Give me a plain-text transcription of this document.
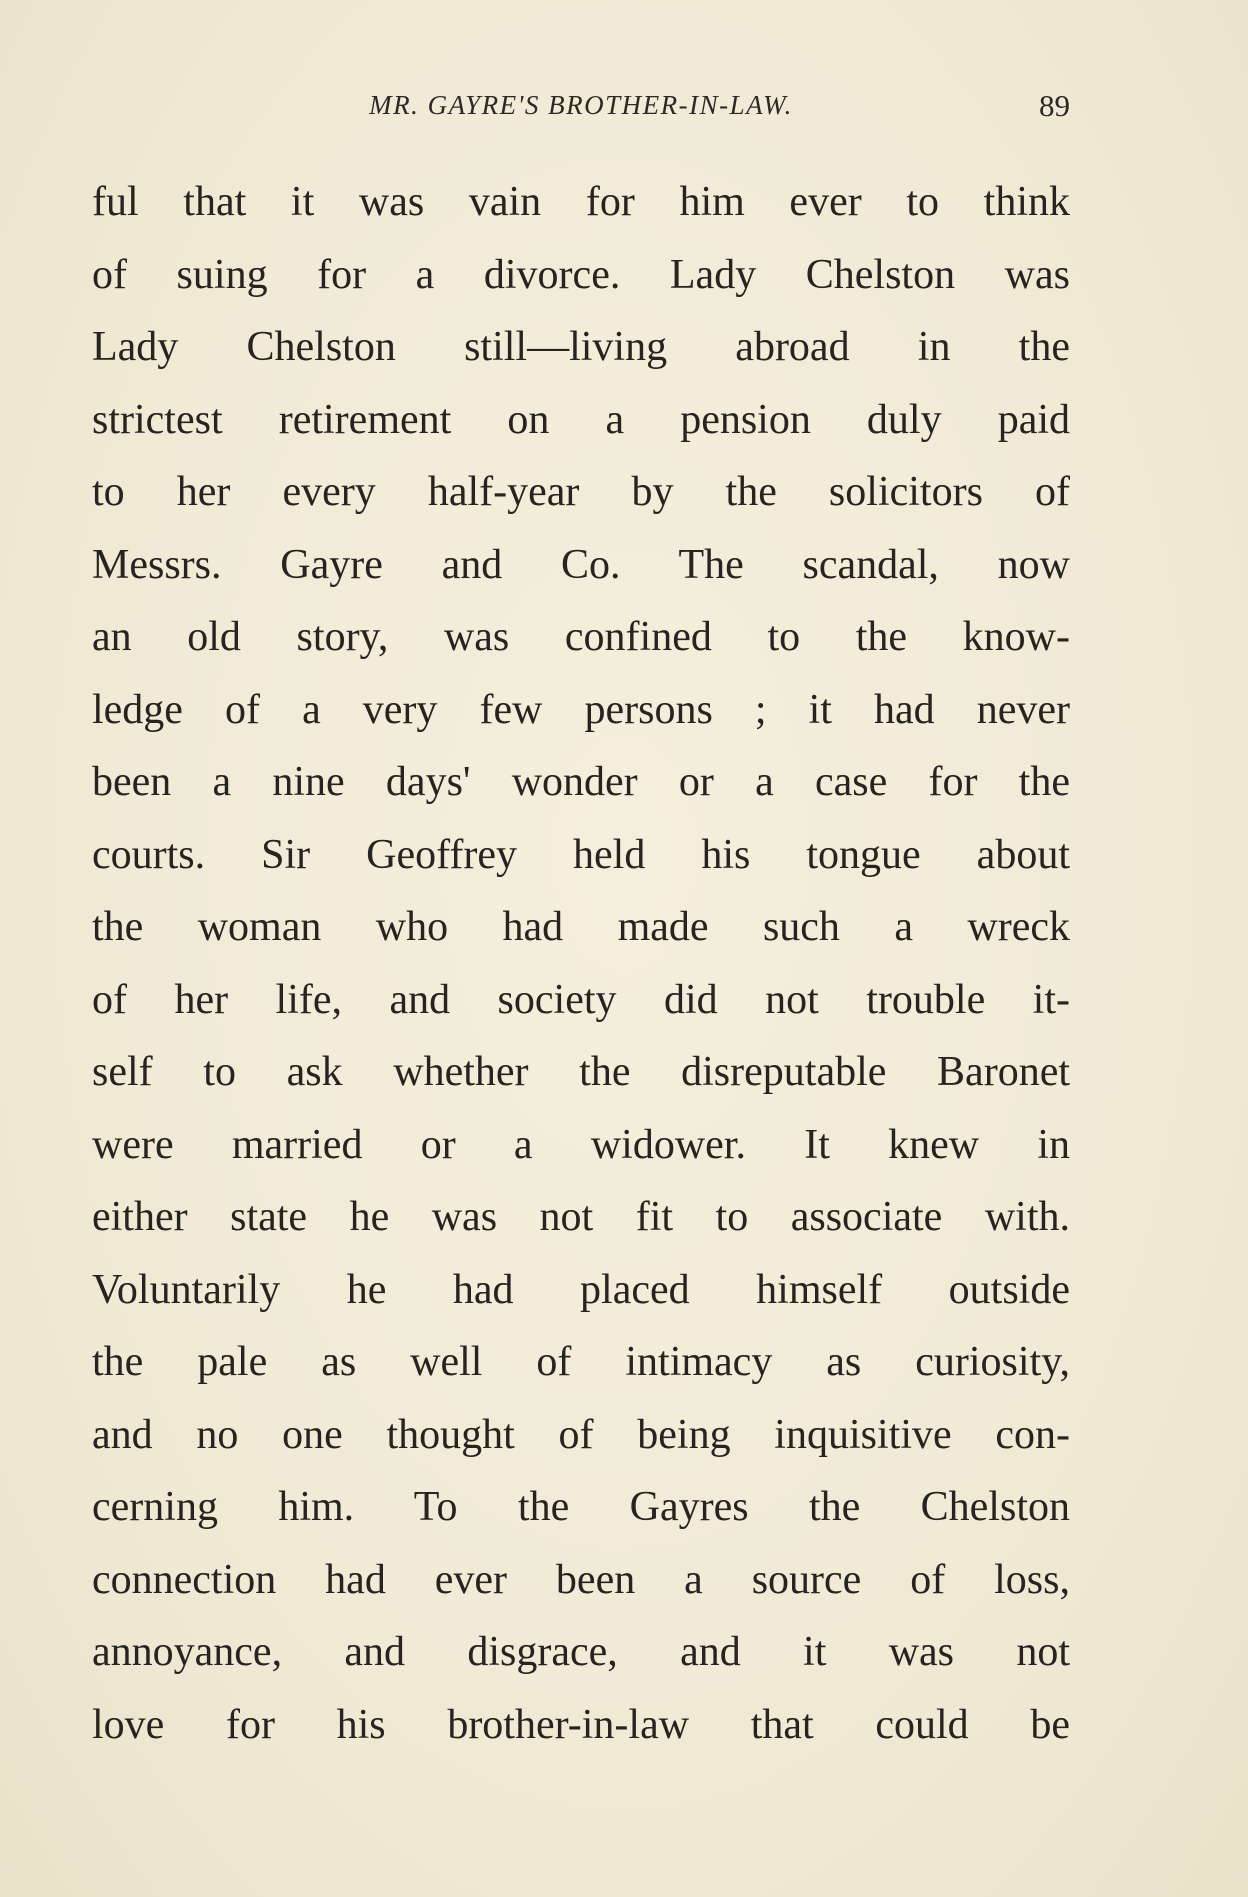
MR. GAYRE'S BROTHER-IN-LAW.	89
ful that it was vain for him ever to think
of suing for a divorce. Lady Chelston was
Lady Chelston still—living abroad in the
strictest retirement on a pension duly paid
to her every half-year by the solicitors of
Messrs. Gayre and Co. The scandal, now
an old story, was confined to the know-
ledge of a very few persons ; it had never
been a nine days' wonder or a case for the
courts. Sir Geoffrey held his tongue about
the woman who had made such a wreck
of her life, and society did not trouble it-
self to ask whether the disreputable Baronet
were married or a widower. It knew in
either state he was not fit to associate with.
Voluntarily he had placed himself outside
the pale as well of intimacy as curiosity,
and no one thought of being inquisitive con-
cerning him. To the Gayres the Chelston
connection had ever been a source of loss,
annoyance, and disgrace, and it was not
love for his brother-in-law that could be
